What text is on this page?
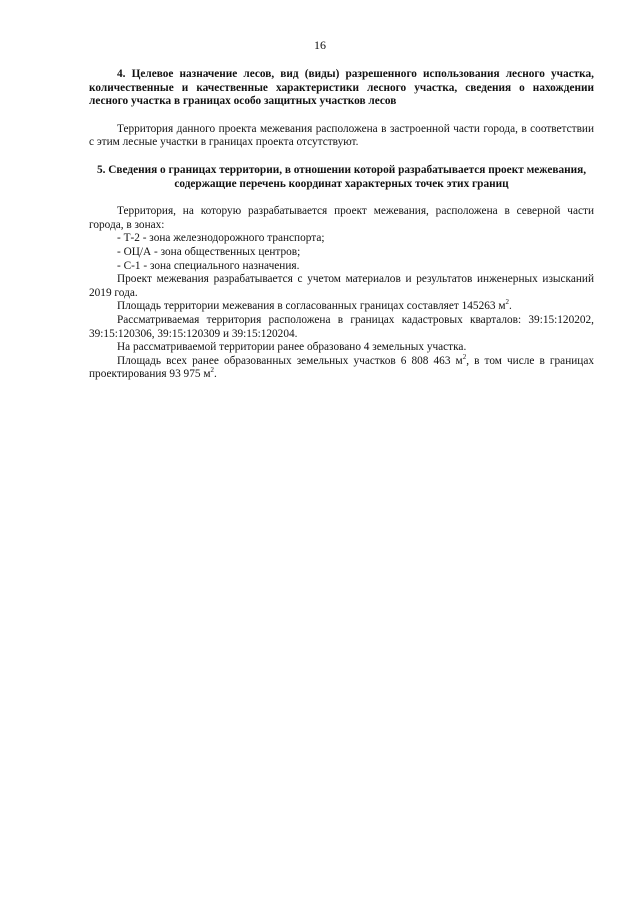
16

4. Целевое назначение лесов, вид (виды) разрешенного использования лесного участка, количественные и качественные характеристики лесного участка, сведения о нахождении лесного участка в границах особо защитных участков лесов

Территория данного проекта межевания расположена в застроенной части города, в соответствии с этим лесные участки в границах проекта отсутствуют.

5. Сведения о границах территории, в отношении которой разрабатывается проект межевания, содержащие перечень координат характерных точек этих границ

Территория, на которую разрабатывается проект межевания, расположена в северной части города, в зонах:

- Т-2 - зона железнодорожного транспорта;

- ОЦ/А - зона общественных центров;

- С-1 - зона специального назначения.

Проект межевания разрабатывается с учетом материалов и результатов инженерных изысканий 2019 года.

Площадь территории межевания в согласованных границах составляет 145263 $м^2$.

Рассматриваемая территория расположена в границах кадастровых кварталов: 39:15:120202, 39:15:120306, 39:15:120309 и 39:15:120204.

На рассматриваемой территории ранее образовано 4 земельных участка.

Площадь всех ранее образованных земельных участков 6 808 463 $м^2$, в том числе в границах проектирования 93 975 $м^2$.
